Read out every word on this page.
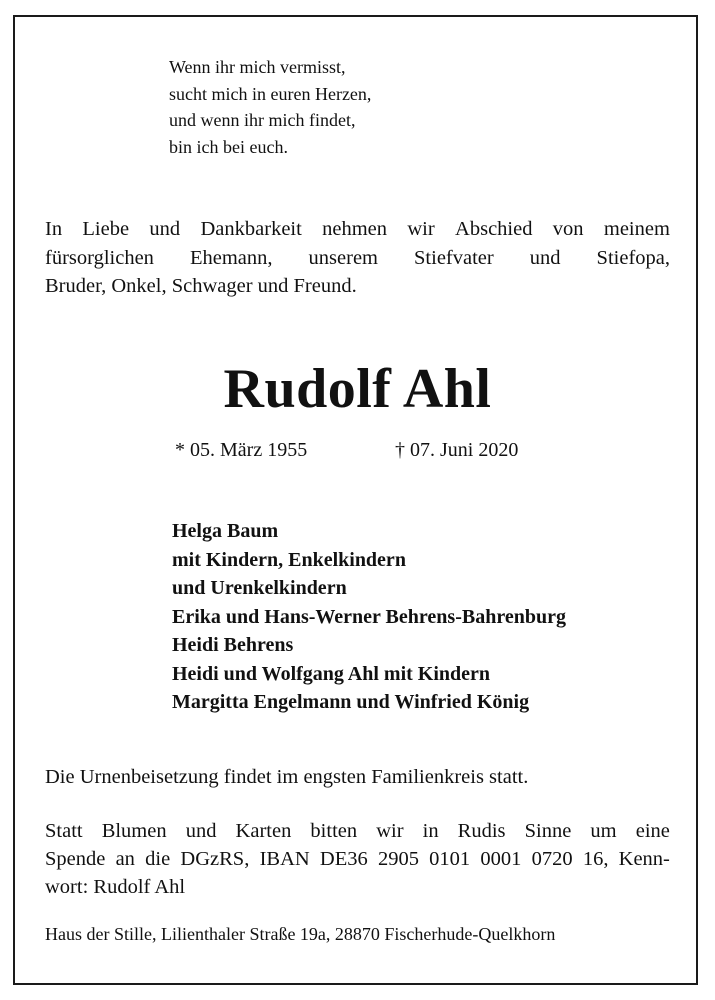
Wenn ihr mich vermisst,
sucht mich in euren Herzen,
und wenn ihr mich findet,
bin ich bei euch.
In Liebe und Dankbarkeit nehmen wir Abschied von meinem
fürsorglichen Ehemann, unserem Stiefvater und Stiefopa,
Bruder, Onkel, Schwager und Freund.
Rudolf Ahl
* 05. März 1955	† 07. Juni 2020
Helga Baum
mit Kindern, Enkelkindern
und Urenkelkindern
Erika und Hans-Werner Behrens-Bahrenburg
Heidi Behrens
Heidi und Wolfgang Ahl mit Kindern
Margitta Engelmann und Winfried König
Die Urnenbeisetzung findet im engsten Familienkreis statt.
Statt Blumen und Karten bitten wir in Rudis Sinne um eine
Spende an die DGzRS, IBAN DE36 2905 0101 0001 0720 16, Kenn-
wort: Rudolf Ahl
Haus der Stille, Lilienthaler Straße 19a, 28870 Fischerhude-Quelkhorn
